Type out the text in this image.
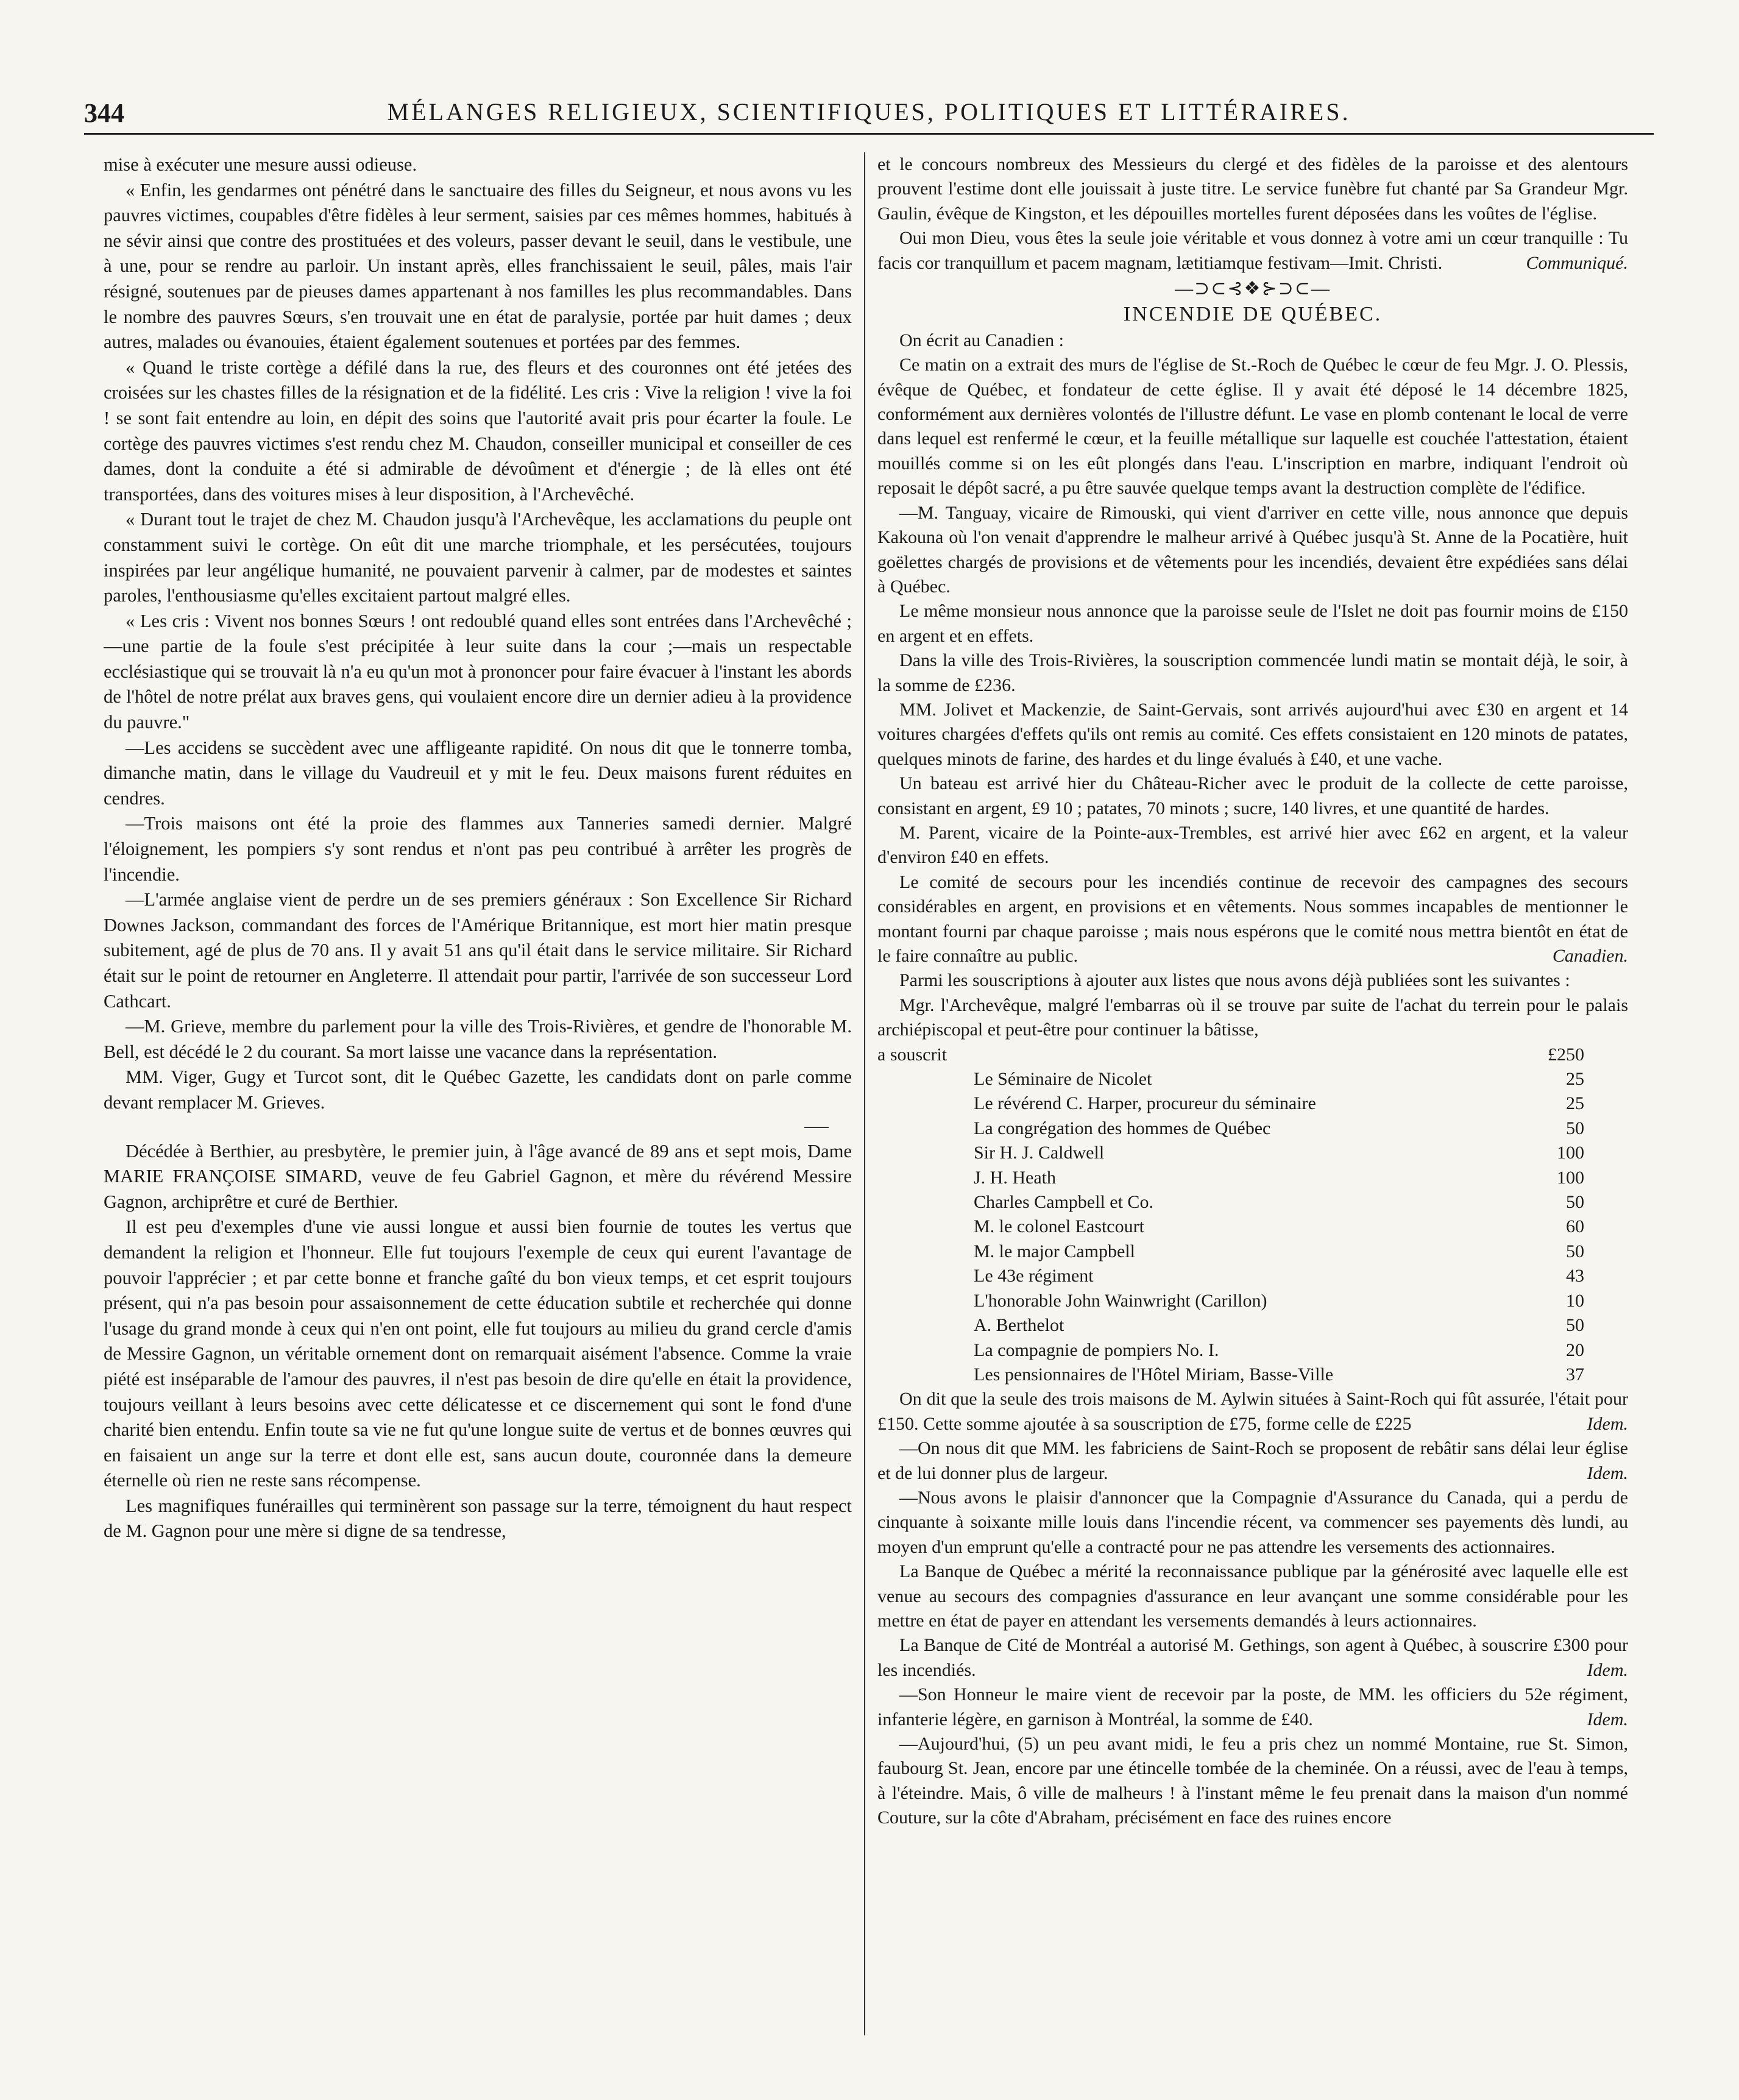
344	MÉLANGES RELIGIEUX, SCIENTIFIQUES, POLITIQUES ET LITTÉRAIRES.

mise à exécuter une mesure aussi odieuse.

« Enfin, les gendarmes ont pénétré dans le sanctuaire des filles du Seigneur, et nous avons vu les pauvres victimes, coupables d'être fidèles à leur serment, saisies par ces mêmes hommes, habitués à ne sévir ainsi que contre des prostituées et des voleurs, passer devant le seuil, dans le vestibule, une à une, pour se rendre au parloir. Un instant après, elles franchissaient le seuil, pâles, mais l'air résigné, soutenues par de pieuses dames appartenant à nos familles les plus recommandables. Dans le nombre des pauvres Sœurs, s'en trouvait une en état de paralysie, portée par huit dames ; deux autres, malades ou évanouies, étaient également soutenues et portées par des femmes.

« Quand le triste cortège a défilé dans la rue, des fleurs et des couronnes ont été jetées des croisées sur les chastes filles de la résignation et de la fidélité. Les cris : Vive la religion ! vive la foi ! se sont fait entendre au loin, en dépit des soins que l'autorité avait pris pour écarter la foule. Le cortège des pauvres victimes s'est rendu chez M. Chaudon, conseiller municipal et conseiller de ces dames, dont la conduite a été si admirable de dévoûment et d'énergie ; de là elles ont été transportées, dans des voitures mises à leur disposition, à l'Archevêché.

« Durant tout le trajet de chez M. Chaudon jusqu'à l'Archevêque, les acclamations du peuple ont constamment suivi le cortège. On eût dit une marche triomphale, et les persécutées, toujours inspirées par leur angélique humanité, ne pouvaient parvenir à calmer, par de modestes et saintes paroles, l'enthousiasme qu'elles excitaient partout malgré elles.

« Les cris : Vivent nos bonnes Sœurs ! ont redoublé quand elles sont entrées dans l'Archevêché ;—une partie de la foule s'est précipitée à leur suite dans la cour ;—mais un respectable ecclésiastique qui se trouvait là n'a eu qu'un mot à prononcer pour faire évacuer à l'instant les abords de l'hôtel de notre prélat aux braves gens, qui voulaient encore dire un dernier adieu à la providence du pauvre."

—Les accidens se succèdent avec une affligeante rapidité. On nous dit que le tonnerre tomba, dimanche matin, dans le village du Vaudreuil et y mit le feu. Deux maisons furent réduites en cendres.

—Trois maisons ont été la proie des flammes aux Tanneries samedi dernier. Malgré l'éloignement, les pompiers s'y sont rendus et n'ont pas peu contribué à arrêter les progrès de l'incendie.

—L'armée anglaise vient de perdre un de ses premiers généraux : Son Excellence Sir Richard Downes Jackson, commandant des forces de l'Amérique Britannique, est mort hier matin presque subitement, agé de plus de 70 ans. Il y avait 51 ans qu'il était dans le service militaire. Sir Richard était sur le point de retourner en Angleterre. Il attendait pour partir, l'arrivée de son successeur Lord Cathcart.

—M. Grieve, membre du parlement pour la ville des Trois-Rivières, et gendre de l'honorable M. Bell, est décédé le 2 du courant. Sa mort laisse une vacance dans la représentation.

MM. Viger, Gugy et Turcot sont, dit le Québec Gazette, les candidats dont on parle comme devant remplacer M. Grieves.

Décédée à Berthier, au presbytère, le premier juin, à l'âge avancé de 89 ans et sept mois, Dame MARIE FRANÇOISE SIMARD, veuve de feu Gabriel Gagnon, et mère du révérend Messire Gagnon, archiprêtre et curé de Berthier.

Il est peu d'exemples d'une vie aussi longue et aussi bien fournie de toutes les vertus que demandent la religion et l'honneur. Elle fut toujours l'exemple de ceux qui eurent l'avantage de pouvoir l'apprécier ; et par cette bonne et franche gaîté du bon vieux temps, et cet esprit toujours présent, qui n'a pas besoin pour assaisonnement de cette éducation subtile et recherchée qui donne l'usage du grand monde à ceux qui n'en ont point, elle fut toujours au milieu du grand cercle d'amis de Messire Gagnon, un véritable ornement dont on remarquait aisément l'absence. Comme la vraie piété est inséparable de l'amour des pauvres, il n'est pas besoin de dire qu'elle en était la providence, toujours veillant à leurs besoins avec cette délicatesse et ce discernement qui sont le fond d'une charité bien entendu. Enfin toute sa vie ne fut qu'une longue suite de vertus et de bonnes œuvres qui en faisaient un ange sur la terre et dont elle est, sans aucun doute, couronnée dans la demeure éternelle où rien ne reste sans récompense.

Les magnifiques funérailles qui terminèrent son passage sur la terre, témoignent du haut respect de M. Gagnon pour une mère si digne de sa tendresse,

et le concours nombreux des Messieurs du clergé et des fidèles de la paroisse et des alentours prouvent l'estime dont elle jouissait à juste titre. Le service funèbre fut chanté par Sa Grandeur Mgr. Gaulin, évêque de Kingston, et les dépouilles mortelles furent déposées dans les voûtes de l'église.

Oui mon Dieu, vous êtes la seule joie véritable et vous donnez à votre ami un cœur tranquille : Tu facis cor tranquillum et pacem magnam, lætitiamque festivam—Imit. Christi.	Communiqué.

—⊃⊂⊰❖⊱⊃⊂—
INCENDIE DE QUÉBEC.

On écrit au Canadien :

Ce matin on a extrait des murs de l'église de St.-Roch de Québec le cœur de feu Mgr. J. O. Plessis, évêque de Québec, et fondateur de cette église. Il y avait été déposé le 14 décembre 1825, conformément aux dernières volontés de l'illustre défunt. Le vase en plomb contenant le local de verre dans lequel est renfermé le cœur, et la feuille métallique sur laquelle est couchée l'attestation, étaient mouillés comme si on les eût plongés dans l'eau. L'inscription en marbre, indiquant l'endroit où reposait le dépôt sacré, a pu être sauvée quelque temps avant la destruction complète de l'édifice.

—M. Tanguay, vicaire de Rimouski, qui vient d'arriver en cette ville, nous annonce que depuis Kakouna où l'on venait d'apprendre le malheur arrivé à Québec jusqu'à St. Anne de la Pocatière, huit goëlettes chargés de provisions et de vêtements pour les incendiés, devaient être expédiées sans délai à Québec.

Le même monsieur nous annonce que la paroisse seule de l'Islet ne doit pas fournir moins de £150 en argent et en effets.

Dans la ville des Trois-Rivières, la souscription commencée lundi matin se montait déjà, le soir, à la somme de £236.

MM. Jolivet et Mackenzie, de Saint-Gervais, sont arrivés aujourd'hui avec £30 en argent et 14 voitures chargées d'effets qu'ils ont remis au comité. Ces effets consistaient en 120 minots de patates, quelques minots de farine, des hardes et du linge évalués à £40, et une vache.

Un bateau est arrivé hier du Château-Richer avec le produit de la collecte de cette paroisse, consistant en argent, £9 10 ; patates, 70 minots ; sucre, 140 livres, et une quantité de hardes.

M. Parent, vicaire de la Pointe-aux-Trembles, est arrivé hier avec £62 en argent, et la valeur d'environ £40 en effets.

Le comité de secours pour les incendiés continue de recevoir des campagnes des secours considérables en argent, en provisions et en vêtements. Nous sommes incapables de mentionner le montant fourni par chaque paroisse ; mais nous espérons que le comité nous mettra bientôt en état de le faire connaître au public.	Canadien.

Parmi les souscriptions à ajouter aux listes que nous avons déjà publiées sont les suivantes :

Mgr. l'Archevêque, malgré l'embarras où il se trouve par suite de l'achat du terrein pour le palais archiépiscopal et peut-être pour continuer la bâtisse,

a souscrit	£250
Le Séminaire de Nicolet	25
Le révérend C. Harper, procureur du séminaire	25
La congrégation des hommes de Québec	50
Sir H. J. Caldwell	100
J. H. Heath	100
Charles Campbell et Co.	50
M. le colonel Eastcourt	60
M. le major Campbell	50
Le 43e régiment	43
L'honorable John Wainwright (Carillon)	10
A. Berthelot	50
La compagnie de pompiers No. I.	20
Les pensionnaires de l'Hôtel Miriam, Basse-Ville	37

On dit que la seule des trois maisons de M. Aylwin situées à Saint-Roch qui fût assurée, l'était pour £150. Cette somme ajoutée à sa souscription de £75, forme celle de £225	Idem.

—On nous dit que MM. les fabriciens de Saint-Roch se proposent de rebâtir sans délai leur église et de lui donner plus de largeur.	Idem.

—Nous avons le plaisir d'annoncer que la Compagnie d'Assurance du Canada, qui a perdu de cinquante à soixante mille louis dans l'incendie récent, va commencer ses payements dès lundi, au moyen d'un emprunt qu'elle a contracté pour ne pas attendre les versements des actionnaires.

La Banque de Québec a mérité la reconnaissance publique par la générosité avec laquelle elle est venue au secours des compagnies d'assurance en leur avançant une somme considérable pour les mettre en état de payer en attendant les versements demandés à leurs actionnaires.

La Banque de Cité de Montréal a autorisé M. Gethings, son agent à Québec, à souscrire £300 pour les incendiés.	Idem.

—Son Honneur le maire vient de recevoir par la poste, de MM. les officiers du 52e régiment, infanterie légère, en garnison à Montréal, la somme de £40.	Idem.

—Aujourd'hui, (5) un peu avant midi, le feu a pris chez un nommé Montaine, rue St. Simon, faubourg St. Jean, encore par une étincelle tombée de la cheminée. On a réussi, avec de l'eau à temps, à l'éteindre. Mais, ô ville de malheurs ! à l'instant même le feu prenait dans la maison d'un nommé Couture, sur la côte d'Abraham, précisément en face des ruines encore
